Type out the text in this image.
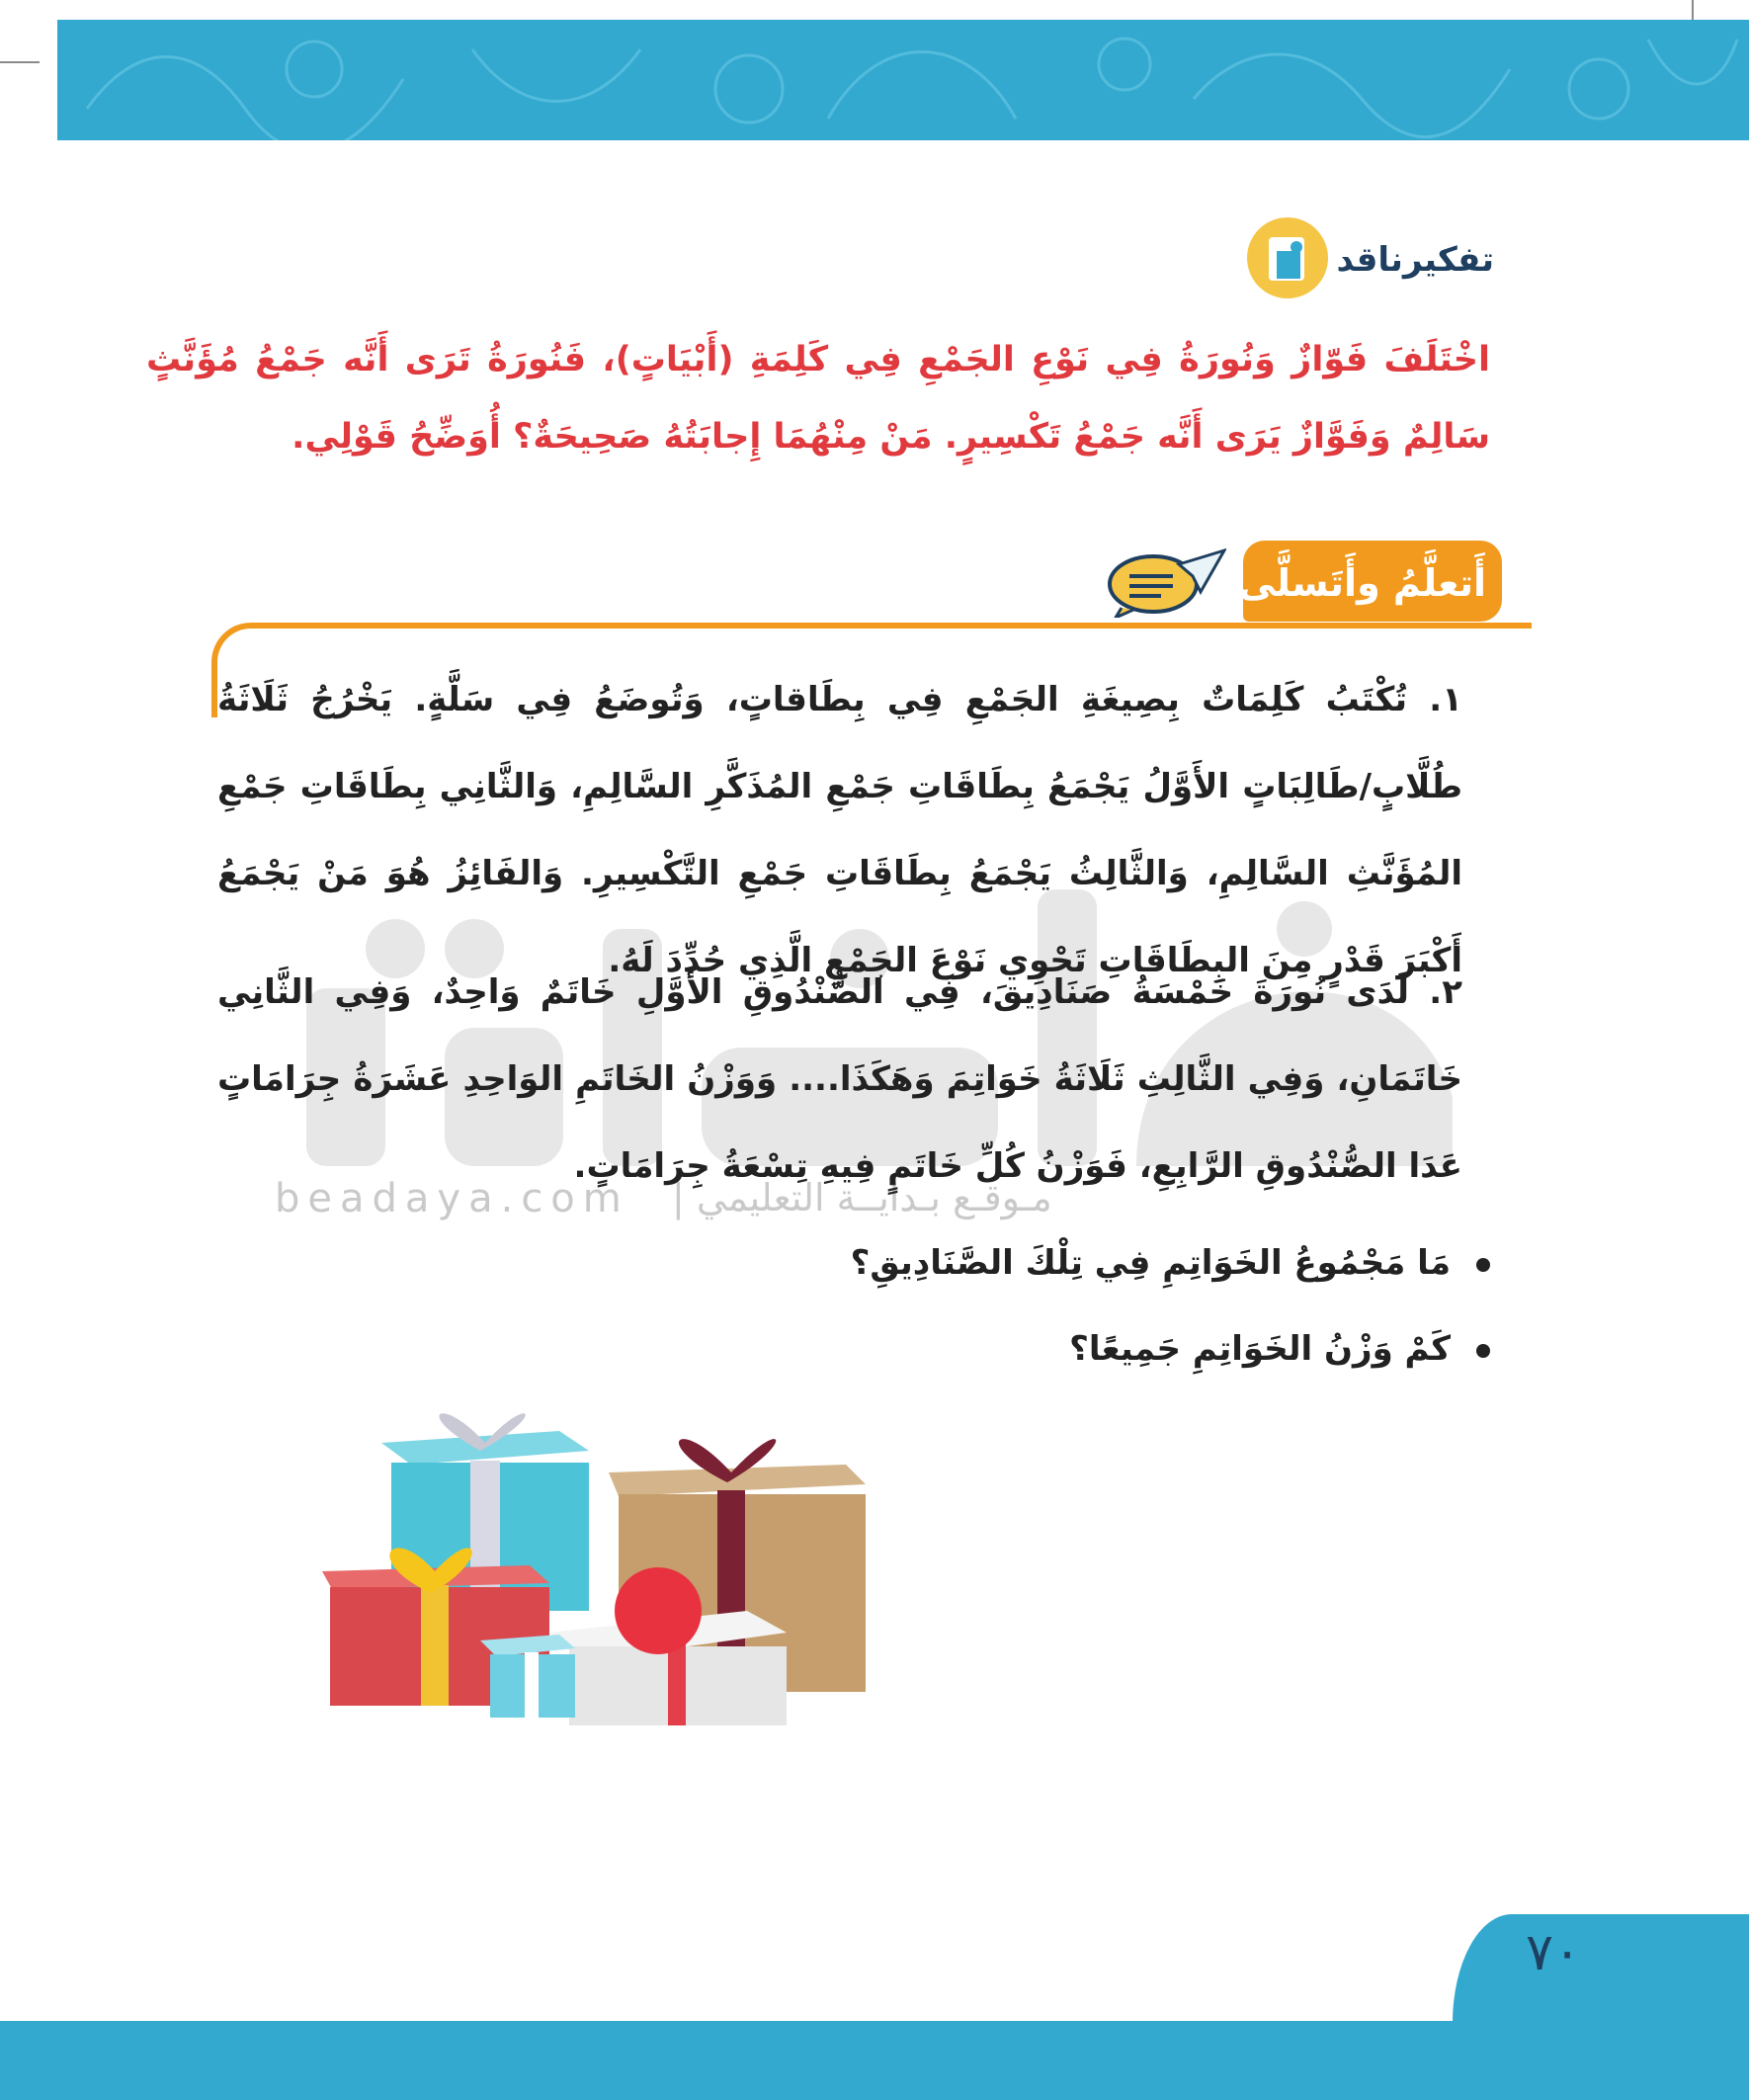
تفكيرناقد
اخْتَلَفَ فَوّازٌ وَنُورَةُ فِي نَوْعِ الجَمْعِ فِي كَلِمَةِ (أَبْيَاتٍ)، فَنُورَةُ تَرَى أَنَّه جَمْعُ مُؤَنَّثٍ سَالِمٌ وَفَوَّازٌ يَرَى أَنَّه جَمْعُ تَكْسِيرٍ. مَنْ مِنْهُمَا إِجابَتُهُ صَحِيحَةٌ؟ أُوَضِّحُ قَوْلِي.
أَتعلَّمُ وأَتَسلَّى:
beadaya.com مـوقـع بـدايــة التعليمي |
١. تُكْتَبُ كَلِمَاتٌ بِصِيغَةِ الجَمْعِ فِي بِطَاقاتٍ، وَتُوضَعُ فِي سَلَّةٍ. يَخْرُجُ ثَلَاثَةُ طُلَّابٍ/طَالِبَاتٍ الأَوَّلُ يَجْمَعُ بِطَاقَاتِ جَمْعِ المُذَكَّرِ السَّالِمِ، وَالثَّانِي بِطَاقَاتِ جَمْعِ المُؤَنَّثِ السَّالِمِ، وَالثَّالِثُ يَجْمَعُ بِطَاقَاتِ جَمْعِ التَّكْسِيرِ. وَالفَائِزُ هُوَ مَنْ يَجْمَعُ أَكْبَرَ قَدْرٍ مِنَ البِطَاقَاتِ تَحْوِي نَوْعَ الجَمْعِ الَّذِي حُدِّدَ لَهُ.
٢. لَدَى نُورَةَ خَمْسَةُ صَنَادِيقَ، فِي الصُّنْدُوقِ الأَوَّلِ خَاتَمٌ وَاحِدٌ، وَفِي الثَّانِي خَاتَمَانِ، وَفِي الثَّالِثِ ثَلَاثَةُ خَوَاتِمَ وَهَكَذَا.... وَوَزْنُ الخَاتَمِ الوَاحِدِ عَشَرَةُ جِرَامَاتٍ عَدَا الصُّنْدُوقِ الرَّابِعِ، فَوَزْنُ كُلِّ خَاتَمٍ فِيهِ تِسْعَةُ جِرَامَاتٍ.
مَا مَجْمُوعُ الخَوَاتِمِ فِي تِلْكَ الصَّنَادِيقِ؟
كَمْ وَزْنُ الخَوَاتِمِ جَمِيعًا؟
٧٠
